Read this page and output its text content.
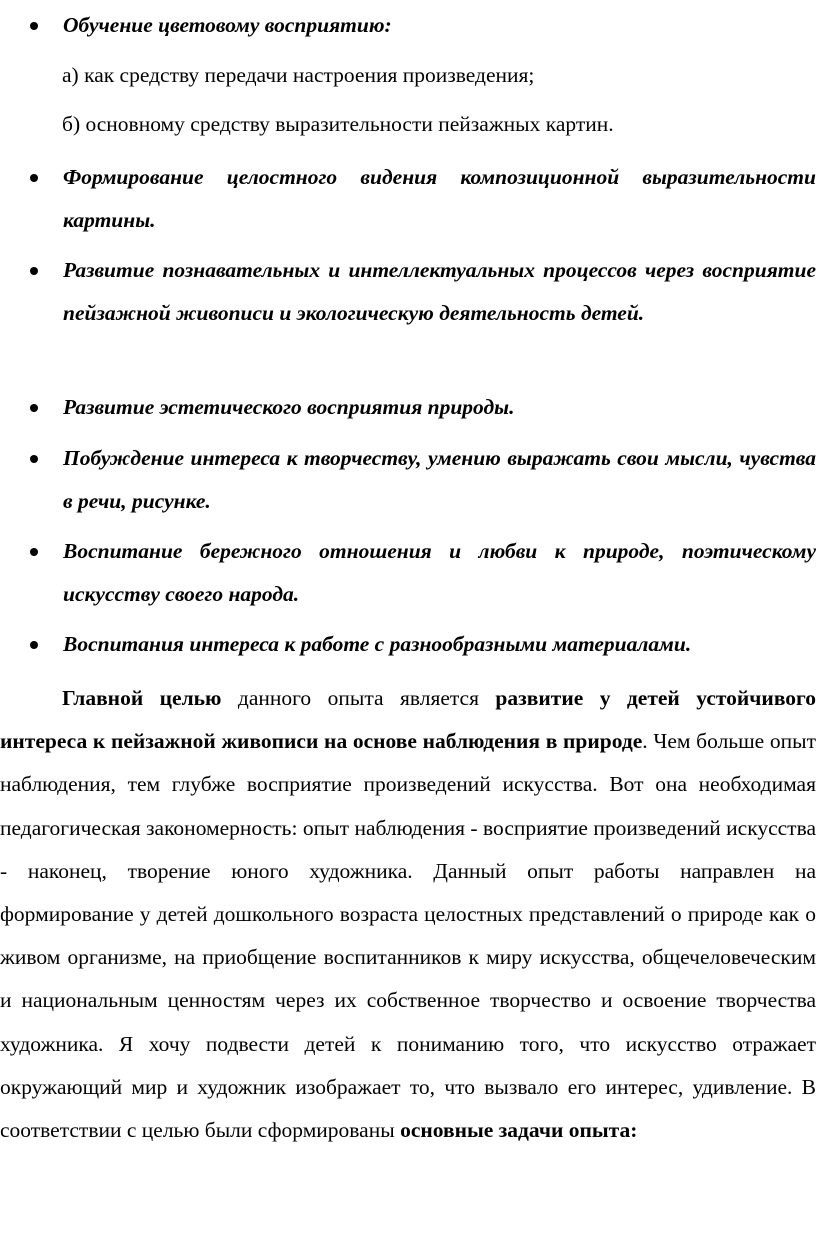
Обучение цветовому восприятию:
а) как средству передачи настроения произведения;
б) основному средству выразительности пейзажных картин.
Формирование целостного видения композиционной выразительности картины.
Развитие познавательных и интеллектуальных процессов через восприятие пейзажной живописи и экологическую деятельность детей.
Развитие эстетического восприятия природы.
Побуждение интереса к творчеству, умению выражать свои мысли, чувства в речи, рисунке.
Воспитание бережного отношения и любви к природе, поэтическому искусству своего народа.
Воспитания интереса к работе с разнообразными материалами.
Главной целью данного опыта является развитие у детей устойчивого интереса к пейзажной живописи на основе наблюдения в природе. Чем больше опыт наблюдения, тем глубже восприятие произведений искусства. Вот она необходимая педагогическая закономерность: опыт наблюдения - восприятие произведений искусства - наконец, творение юного художника. Данный опыт работы направлен на формирование у детей дошкольного возраста целостных представлений о природе как о живом организме, на приобщение воспитанников к миру искусства, общечеловеческим и национальным ценностям через их собственное творчество и освоение творчества художника. Я хочу подвести детей к пониманию того, что искусство отражает окружающий мир и художник изображает то, что вызвало его интерес, удивление. В соответствии с целью были сформированы основные задачи опыта:
